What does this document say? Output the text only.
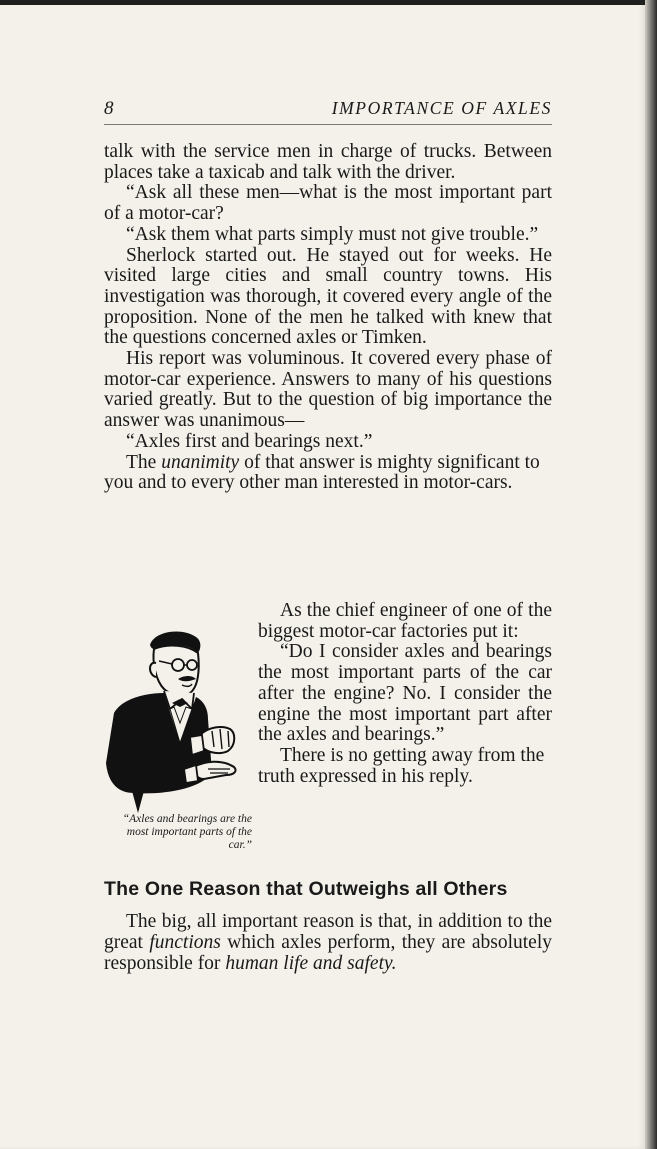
8	IMPORTANCE OF AXLES

talk with the service men in charge of trucks. Between places take a taxicab and talk with the driver.

“Ask all these men—what is the most important part of a motor-car?

“Ask them what parts simply must not give trouble.”

Sherlock started out. He stayed out for weeks. He visited large cities and small country towns. His investigation was thorough, it covered every angle of the proposition. None of the men he talked with knew that the questions concerned axles or Timken.

His report was voluminous. It covered every phase of motor-car experience. Answers to many of his questions varied greatly. But to the question of big importance the answer was unanimous—

“Axles first and bearings next.”

The unanimity of that answer is mighty significant to you and to every other man interested in motor-cars.

“Axles and bearings are the most important parts of the car.”

As the chief engineer of one of the biggest motor-car factories put it:

“Do I consider axles and bearings the most important parts of the car after the engine? No. I consider the engine the most important part after the axles and bearings.”

There is no getting away from the truth expressed in his reply.

The One Reason that Outweighs all Others

The big, all important reason is that, in addition to the great functions which axles perform, they are absolutely responsible for human life and safety.
